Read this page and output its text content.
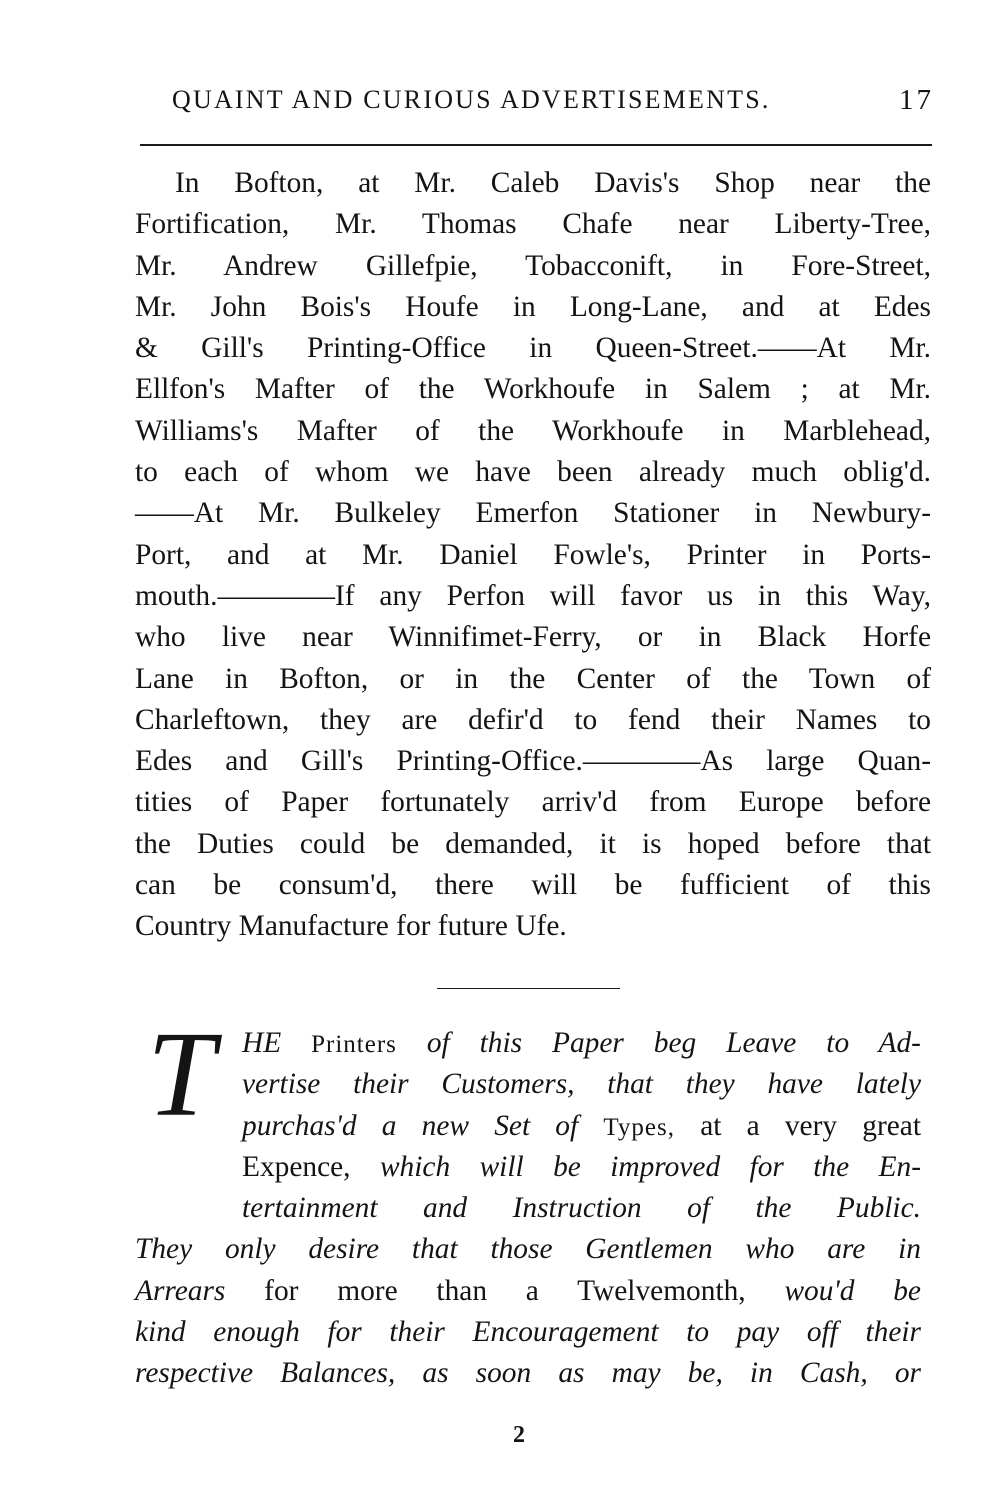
QUAINT AND CURIOUS ADVERTISEMENTS.	17
In Bofton, at Mr. Caleb Davis's Shop near the
Fortification, Mr. Thomas Chafe near Liberty-Tree,
Mr. Andrew Gillefpie, Tobacconift, in Fore-Street,
Mr. John Bois's Houfe in Long-Lane, and at Edes
& Gill's Printing-Office in Queen-Street.——At Mr.
Ellfon's Mafter of the Workhoufe in Salem ; at Mr.
Williams's Mafter of the Workhoufe in Marblehead,
to each of whom we have been already much oblig'd.
——At Mr. Bulkeley Emerfon Stationer in Newbury-
Port, and at Mr. Daniel Fowle's, Printer in Ports-
mouth.————If any Perfon will favor us in this Way,
who live near Winnifimet-Ferry, or in Black Horfe
Lane in Bofton, or in the Center of the Town of
Charleftown, they are defir'd to fend their Names to
Edes and Gill's Printing-Office.————As large Quan-
tities of Paper fortunately arriv'd from Europe before
the Duties could be demanded, it is hoped before that
can be consum'd, there will be fufficient of this
Country Manufacture for future Ufe.
T HE Printers of this Paper beg Leave to Ad-
vertise their Customers, that they have lately
purchas'd a new Set of Types, at a very great
Expence, which will be improved for the En-
tertainment and Instruction of the Public.
They only desire that those Gentlemen who are in
Arrears for more than a Twelvemonth, wou'd be
kind enough for their Encouragement to pay off their
respective Balances, as soon as may be, in Cash, or
2
